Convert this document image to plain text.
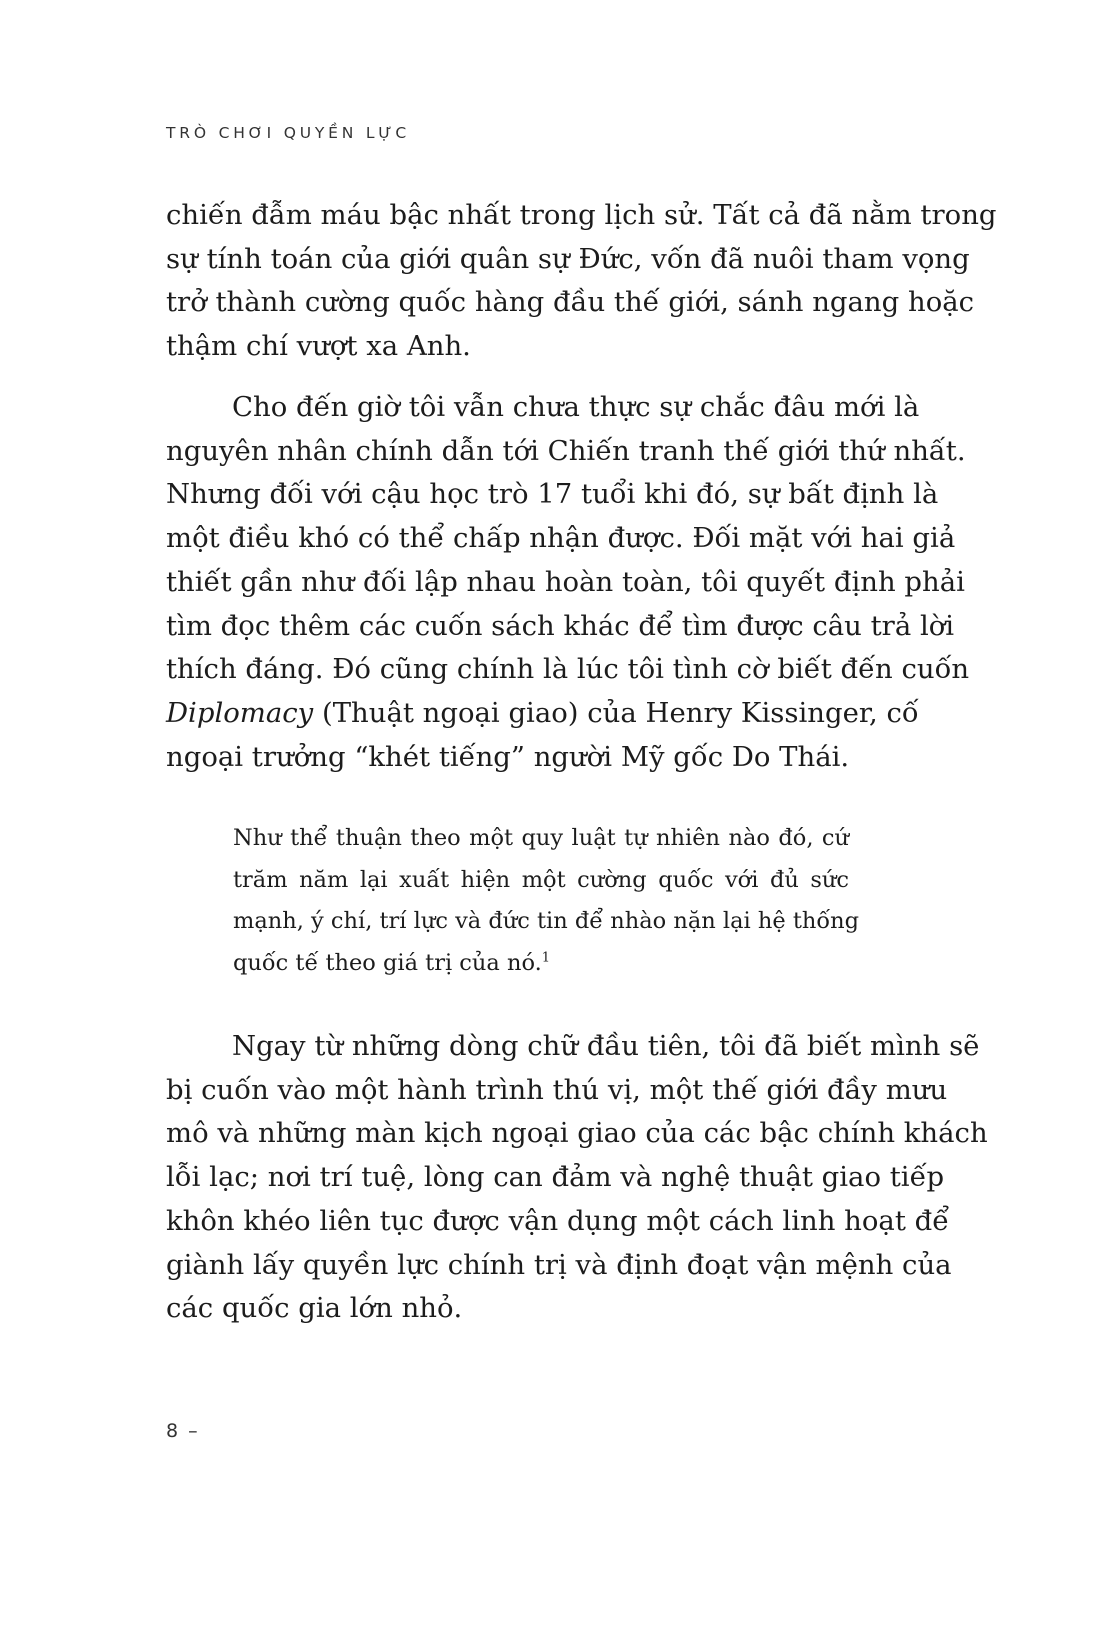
TRÒ CHƠI QUYỀN LỰC
chiến đẫm máu bậc nhất trong lịch sử. Tất cả đã nằm trong
sự tính toán của giới quân sự Đức, vốn đã nuôi tham vọng
trở thành cường quốc hàng đầu thế giới, sánh ngang hoặc
thậm chí vượt xa Anh.
Cho đến giờ tôi vẫn chưa thực sự chắc đâu mới là
nguyên nhân chính dẫn tới Chiến tranh thế giới thứ nhất.
Nhưng đối với cậu học trò 17 tuổi khi đó, sự bất định là
một điều khó có thể chấp nhận được. Đối mặt với hai giả
thiết gần như đối lập nhau hoàn toàn, tôi quyết định phải
tìm đọc thêm các cuốn sách khác để tìm được câu trả lời
thích đáng. Đó cũng chính là lúc tôi tình cờ biết đến cuốn
Diplomacy (Thuật ngoại giao) của Henry Kissinger, cố
ngoại trưởng “khét tiếng” người Mỹ gốc Do Thái.
Như thể thuận theo một quy luật tự nhiên nào đó, cứ
trăm năm lại xuất hiện một cường quốc với đủ sức
mạnh, ý chí, trí lực và đức tin để nhào nặn lại hệ thống
quốc tế theo giá trị của nó.$^1$
Ngay từ những dòng chữ đầu tiên, tôi đã biết mình sẽ
bị cuốn vào một hành trình thú vị, một thế giới đầy mưu
mô và những màn kịch ngoại giao của các bậc chính khách
lỗi lạc; nơi trí tuệ, lòng can đảm và nghệ thuật giao tiếp
khôn khéo liên tục được vận dụng một cách linh hoạt để
giành lấy quyền lực chính trị và định đoạt vận mệnh của
các quốc gia lớn nhỏ.
8 –
